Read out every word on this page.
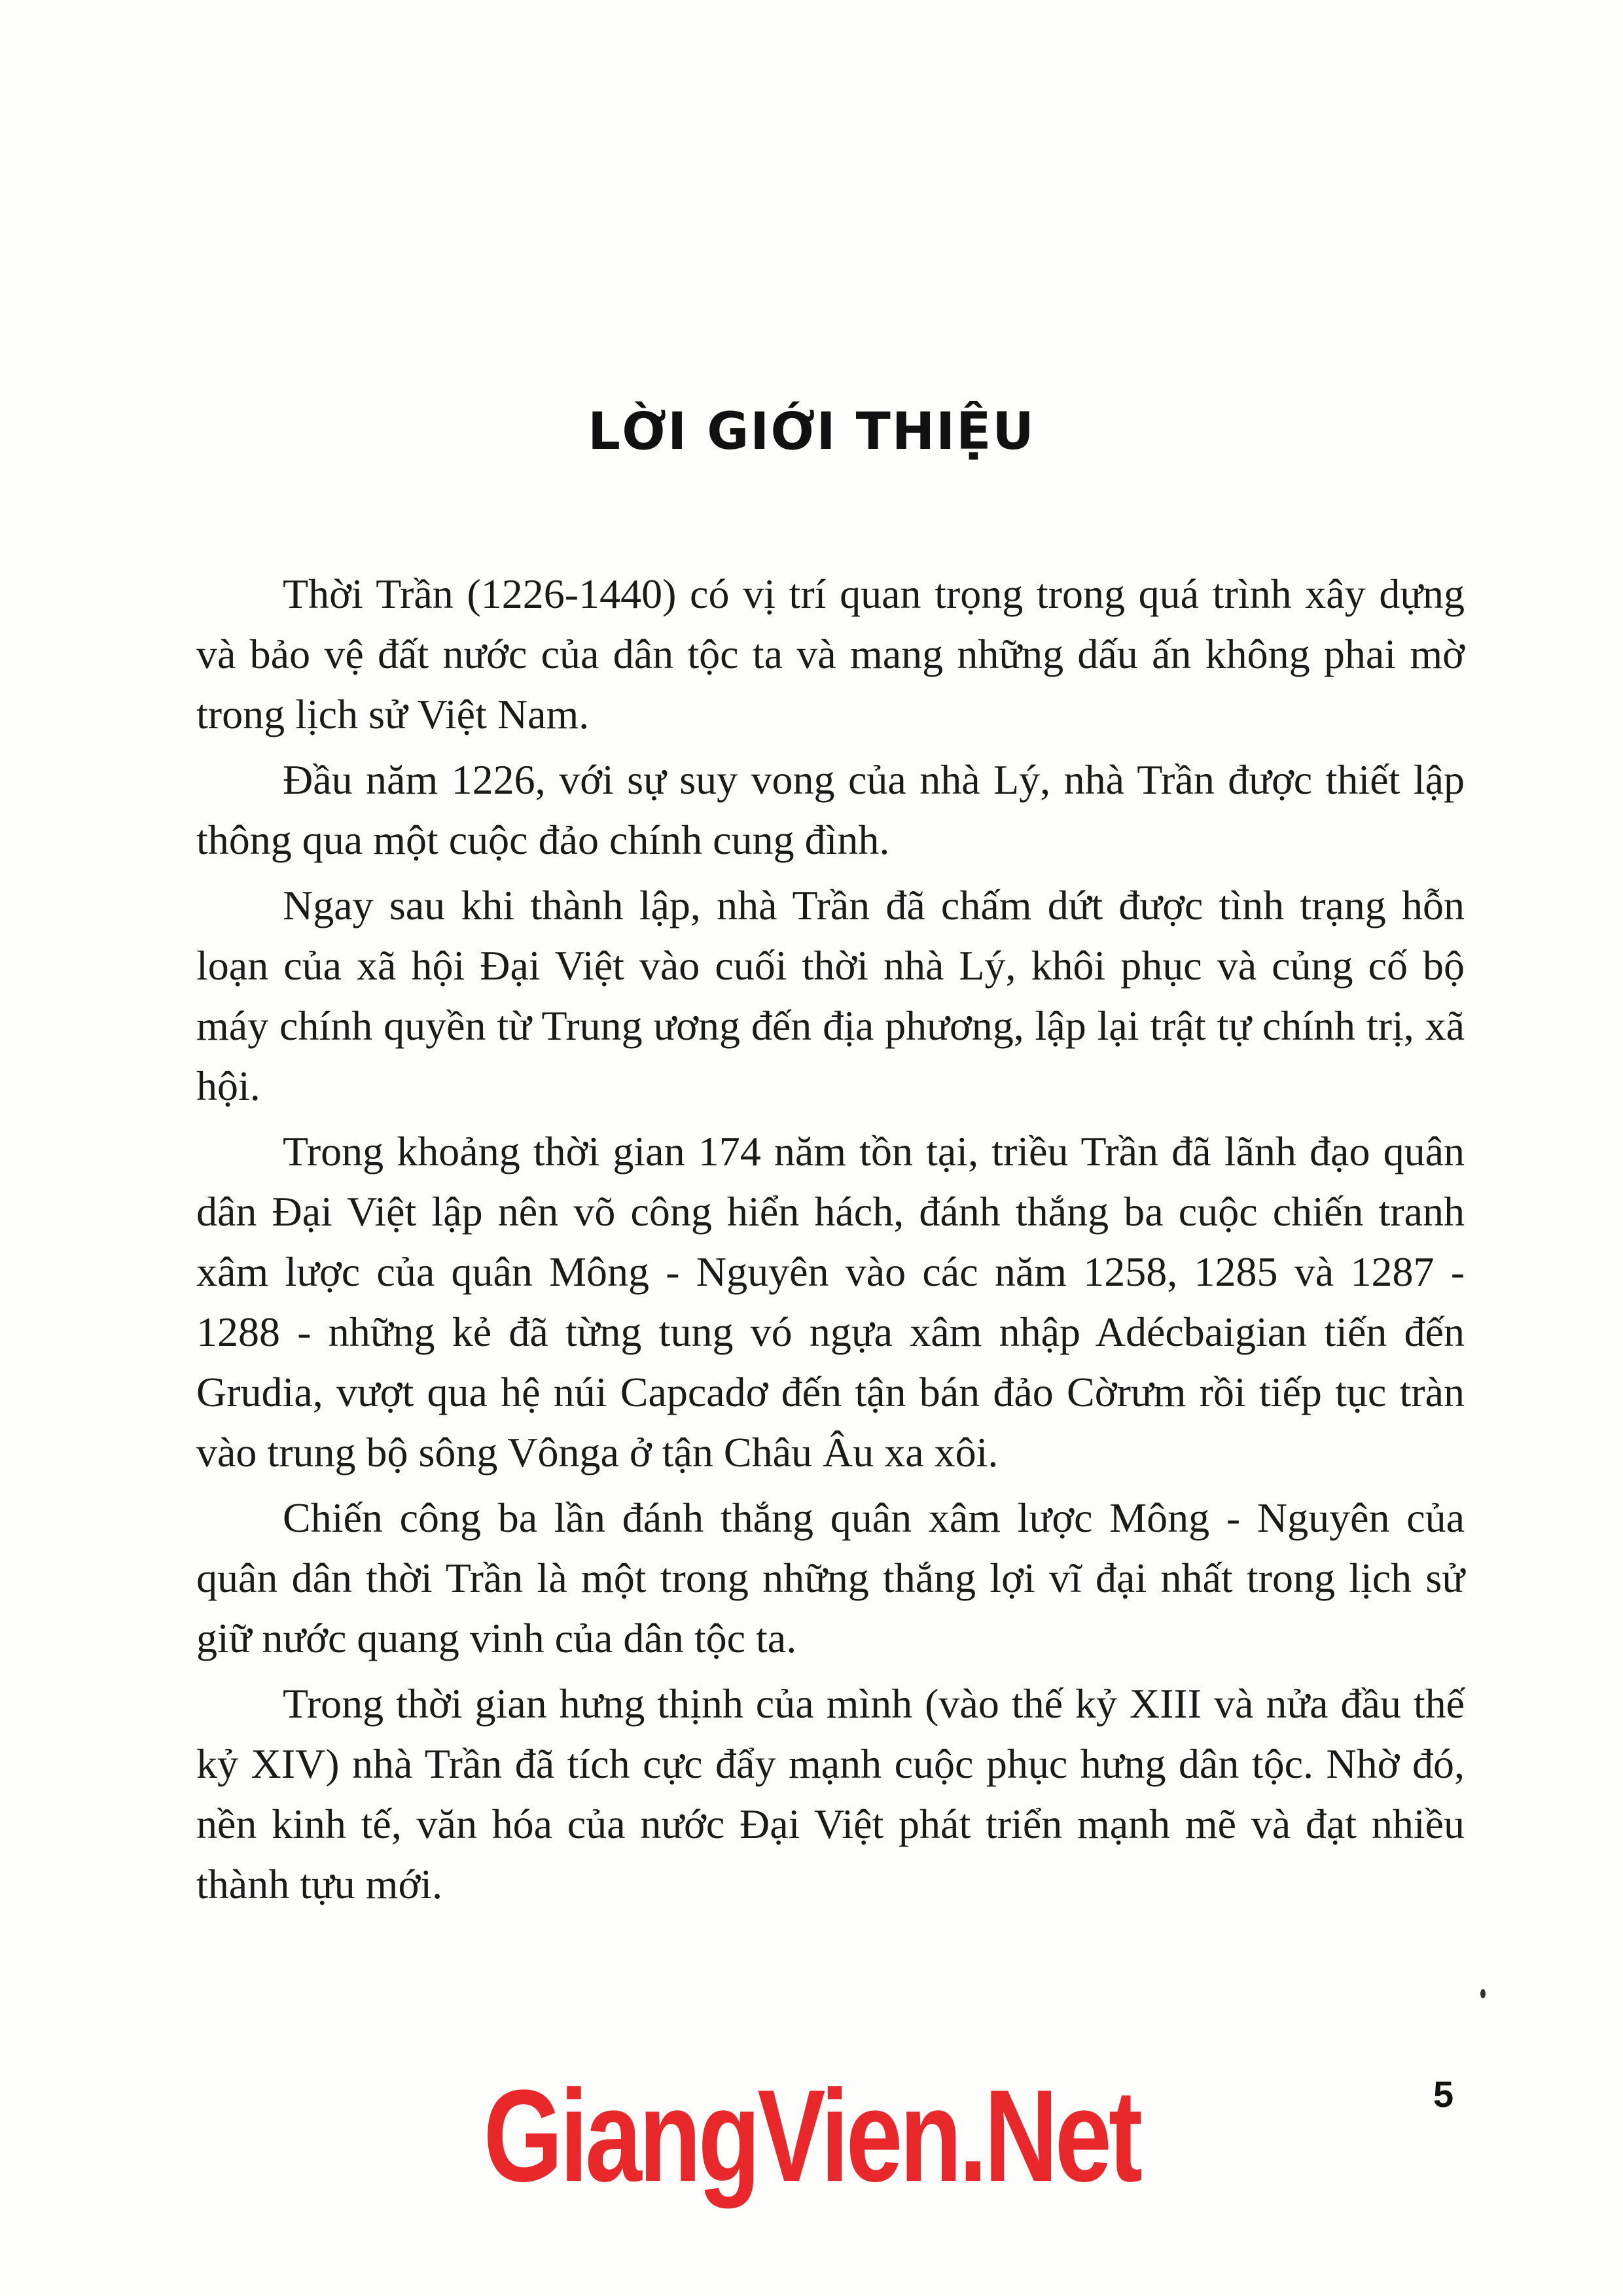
LỜI GIỚI THIỆU

Thời Trần (1226-1440) có vị trí quan trọng trong quá trình xây dựng và bảo vệ đất nước của dân tộc ta và mang những dấu ấn không phai mờ trong lịch sử Việt Nam.

Đầu năm 1226, với sự suy vong của nhà Lý, nhà Trần được thiết lập thông qua một cuộc đảo chính cung đình.

Ngay sau khi thành lập, nhà Trần đã chấm dứt được tình trạng hỗn loạn của xã hội Đại Việt vào cuối thời nhà Lý, khôi phục và củng cố bộ máy chính quyền từ Trung ương đến địa phương, lập lại trật tự chính trị, xã hội.

Trong khoảng thời gian 174 năm tồn tại, triều Trần đã lãnh đạo quân dân Đại Việt lập nên võ công hiển hách, đánh thắng ba cuộc chiến tranh xâm lược của quân Mông - Nguyên vào các năm 1258, 1285 và 1287 - 1288 - những kẻ đã từng tung vó ngựa xâm nhập Adécbaigian tiến đến Grudia, vượt qua hệ núi Capcadơ đến tận bán đảo Cờrưm rồi tiếp tục tràn vào trung bộ sông Vônga ở tận Châu Âu xa xôi.

Chiến công ba lần đánh thắng quân xâm lược Mông - Nguyên của quân dân thời Trần là một trong những thắng lợi vĩ đại nhất trong lịch sử giữ nước quang vinh của dân tộc ta.

Trong thời gian hưng thịnh của mình (vào thế kỷ XIII và nửa đầu thế kỷ XIV) nhà Trần đã tích cực đẩy mạnh cuộc phục hưng dân tộc. Nhờ đó, nền kinh tế, văn hóa của nước Đại Việt phát triển mạnh mẽ và đạt nhiều thành tựu mới.

5
GiangVien.Net
